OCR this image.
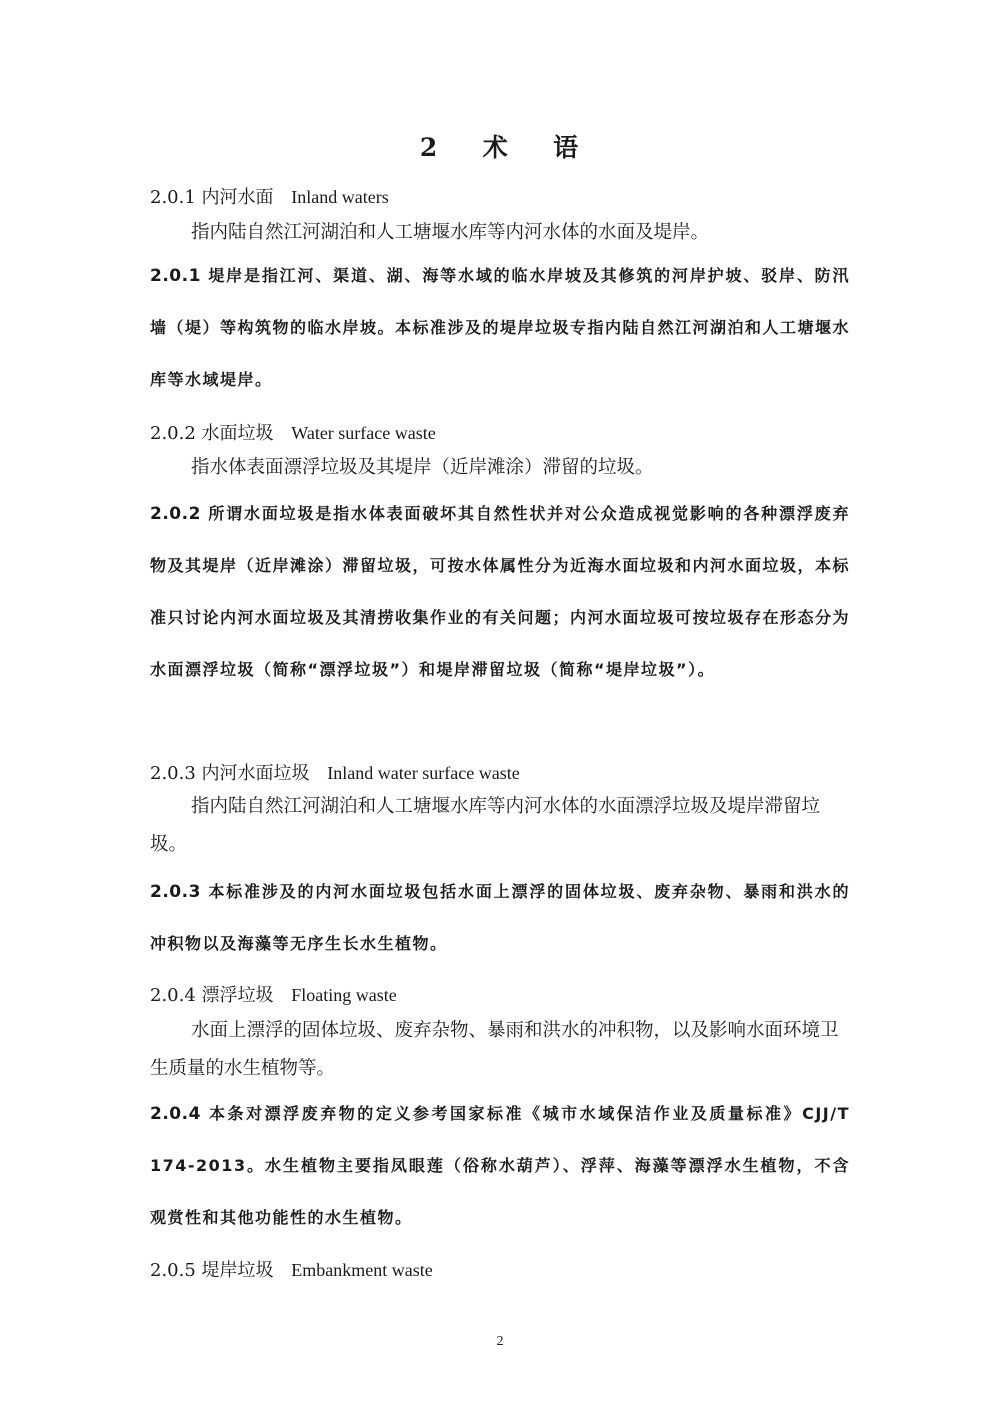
2 术 语
2.0.1 内河水面 Inland waters
指内陆自然江河湖泊和人工塘堰水库等内河水体的水面及堤岸。
2.0.1 堤岸是指江河、渠道、湖、海等水域的临水岸坡及其修筑的河岸护坡、驳岸、防汛墙（堤）等构筑物的临水岸坡。本标准涉及的堤岸垃圾专指内陆自然江河湖泊和人工塘堰水库等水域堤岸。
2.0.2 水面垃圾 Water surface waste
指水体表面漂浮垃圾及其堤岸（近岸滩涂）滞留的垃圾。
2.0.2 所谓水面垃圾是指水体表面破坏其自然性状并对公众造成视觉影响的各种漂浮废弃物及其堤岸（近岸滩涂）滞留垃圾，可按水体属性分为近海水面垃圾和内河水面垃圾，本标准只讨论内河水面垃圾及其清捞收集作业的有关问题；内河水面垃圾可按垃圾存在形态分为水面漂浮垃圾（简称“漂浮垃圾”）和堤岸滞留垃圾（简称“堤岸垃圾”）。
2.0.3 内河水面垃圾 Inland water surface waste
指内陆自然江河湖泊和人工塘堰水库等内河水体的水面漂浮垃圾及堤岸滞留垃圾。
2.0.3 本标准涉及的内河水面垃圾包括水面上漂浮的固体垃圾、废弃杂物、暴雨和洪水的冲积物以及海藻等无序生长水生植物。
2.0.4 漂浮垃圾 Floating waste
水面上漂浮的固体垃圾、废弃杂物、暴雨和洪水的冲积物，以及影响水面环境卫生质量的水生植物等。
2.0.4 本条对漂浮废弃物的定义参考国家标准《城市水域保洁作业及质量标准》CJJ/T 174-2013。水生植物主要指凤眼莲（俗称水葫芦）、浮萍、海藻等漂浮水生植物，不含观赏性和其他功能性的水生植物。
2.0.5 堤岸垃圾 Embankment waste
2
